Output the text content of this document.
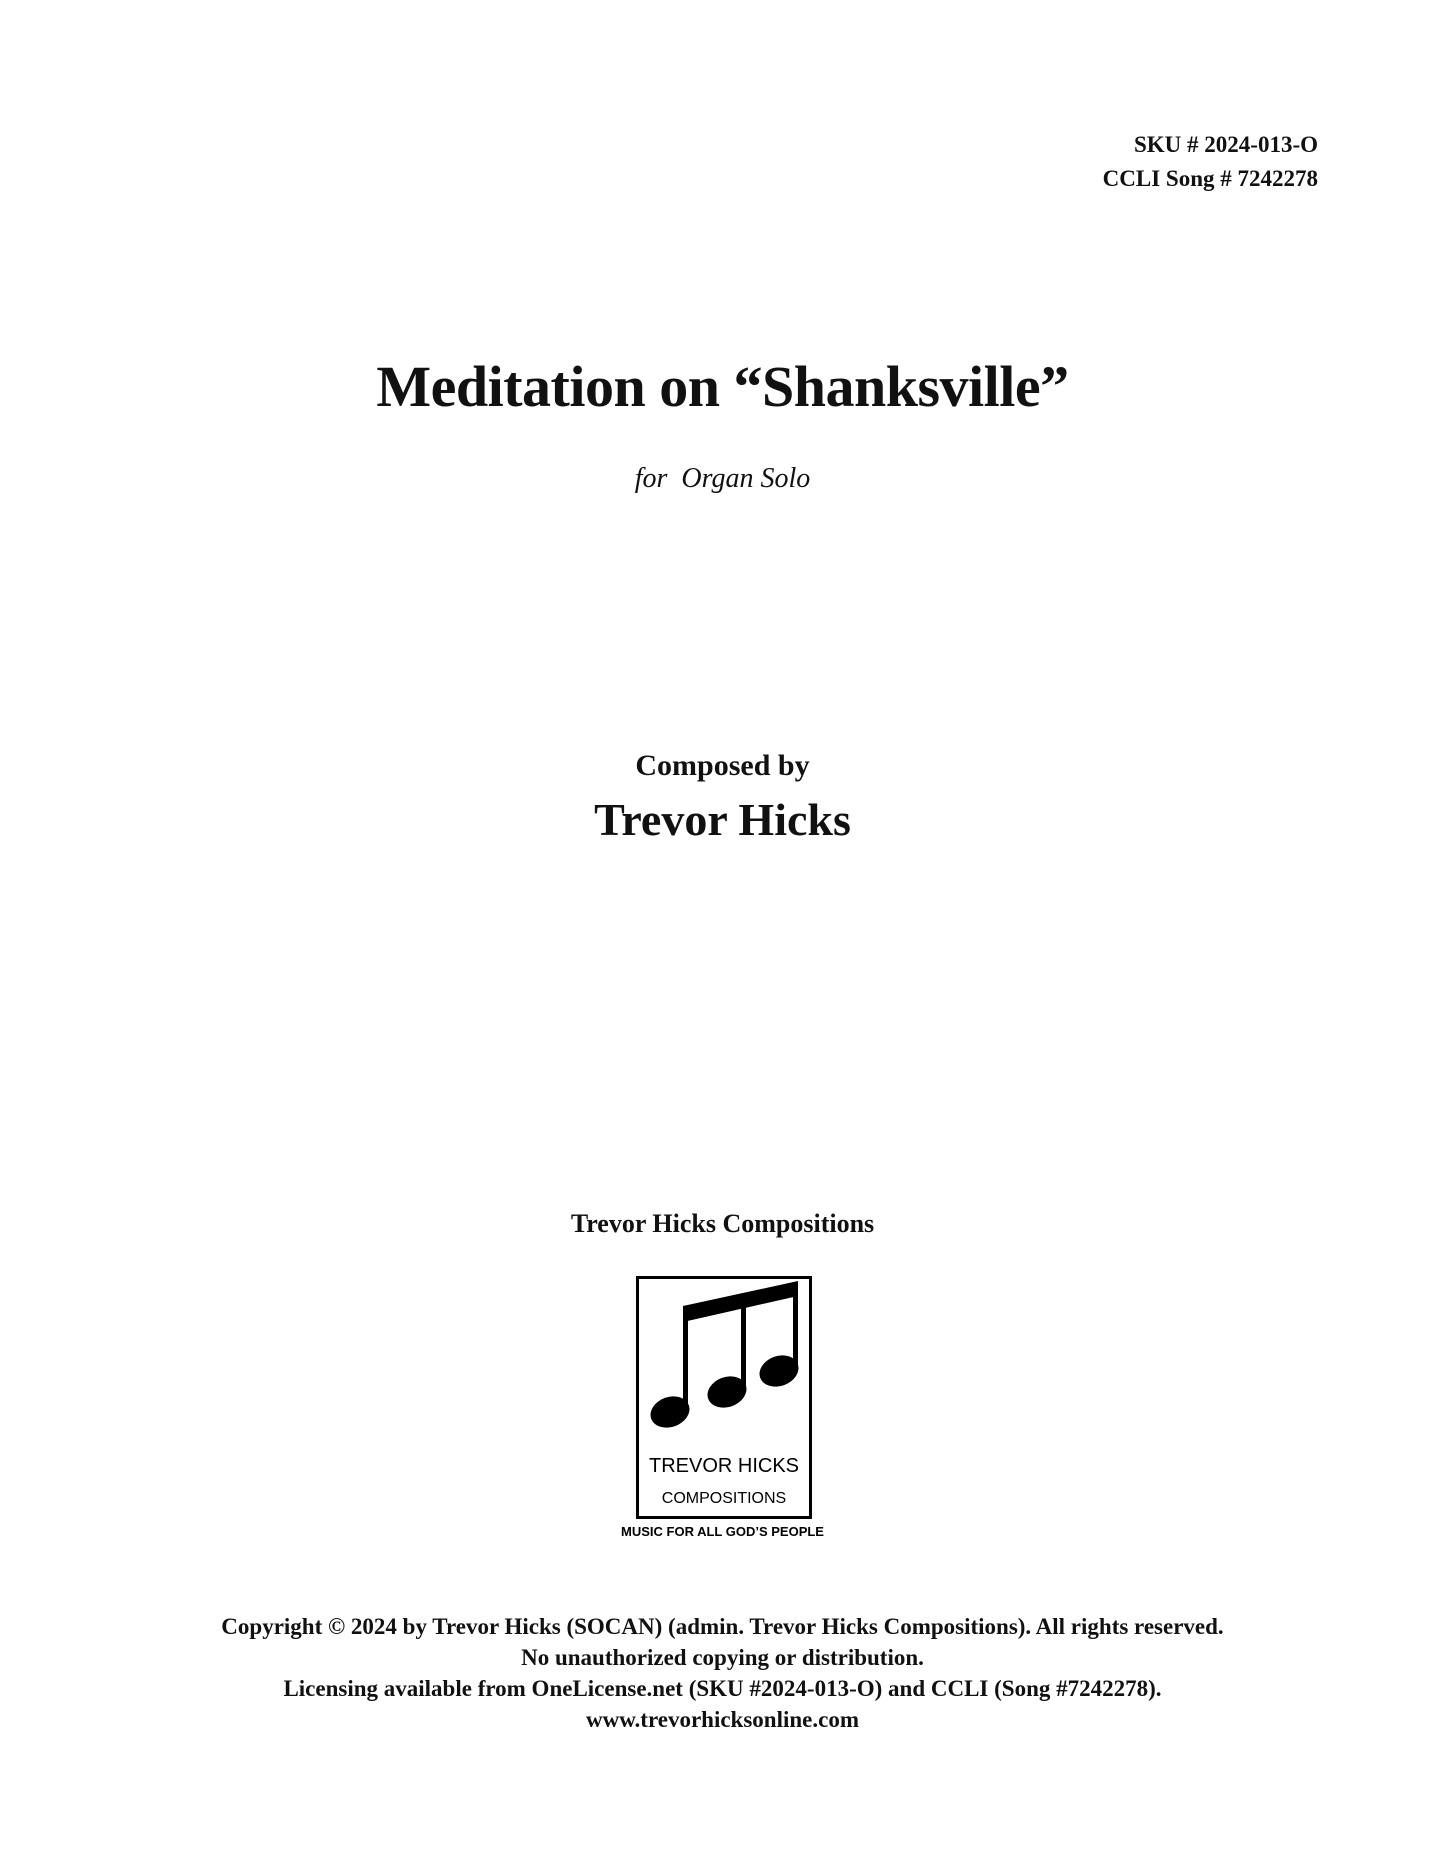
SKU # 2024-013-O
CCLI Song # 7242278
Meditation on “Shanksville”
for  Organ Solo
Composed by
Trevor Hicks
Trevor Hicks Compositions
TREVOR HICKS
COMPOSITIONS
MUSIC FOR ALL GOD’S PEOPLE
Copyright © 2024 by Trevor Hicks (SOCAN) (admin. Trevor Hicks Compositions). All rights reserved.
No unauthorized copying or distribution.
Licensing available from OneLicense.net (SKU #2024-013-O) and CCLI (Song #7242278).
www.trevorhicksonline.com
